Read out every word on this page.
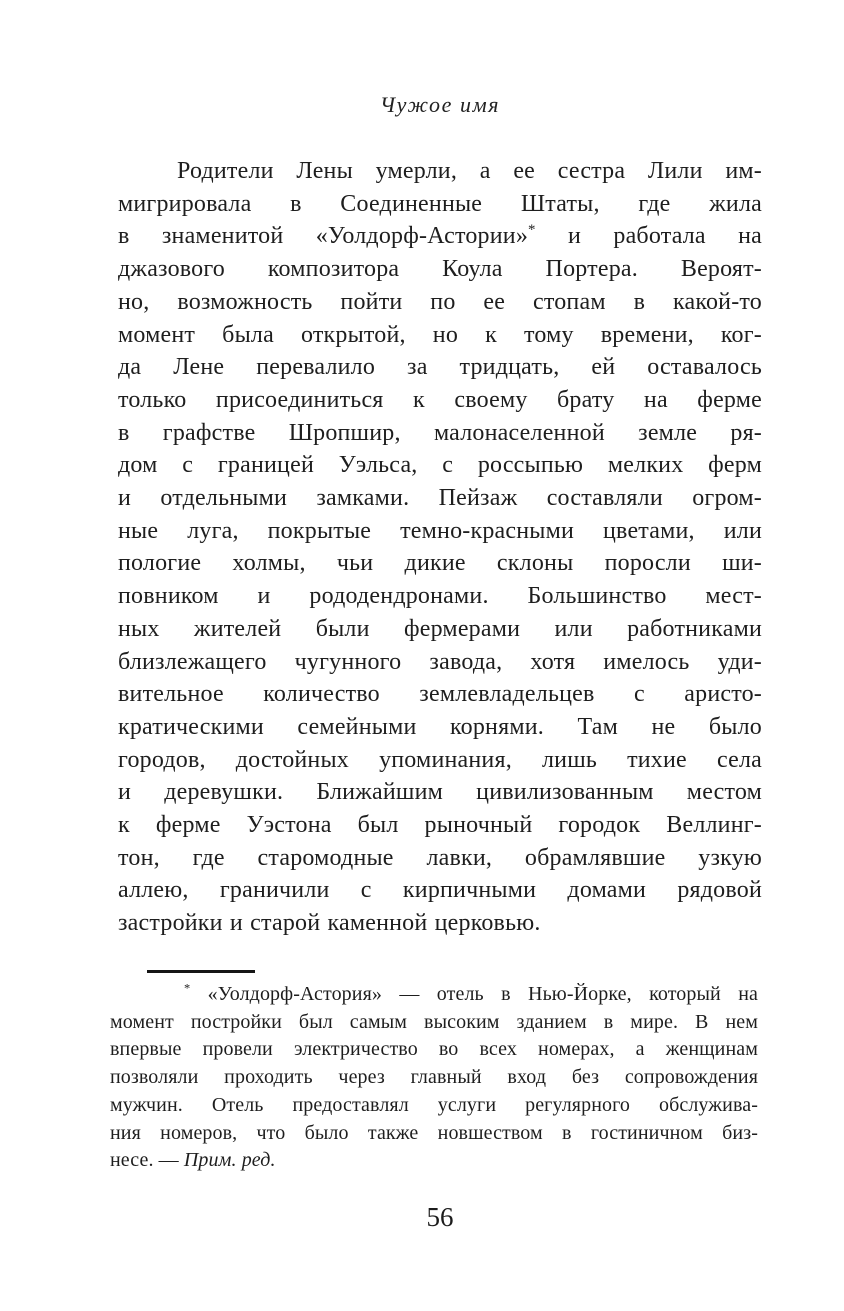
Чужое имя
Родители Лены умерли, а ее сестра Лили им-
мигрировала в Соединенные Штаты, где жила
в знаменитой «Уолдорф-Астории»* и работала на
джазового композитора Коула Портера. Вероят-
но, возможность пойти по ее стопам в какой-то
момент была открытой, но к тому времени, ког-
да Лене перевалило за тридцать, ей оставалось
только присоединиться к своему брату на ферме
в графстве Шропшир, малонаселенной земле ря-
дом с границей Уэльса, с россыпью мелких ферм
и отдельными замками. Пейзаж составляли огром-
ные луга, покрытые темно-красными цветами, или
пологие холмы, чьи дикие склоны поросли ши-
повником и рододендронами. Большинство мест-
ных жителей были фермерами или работниками
близлежащего чугунного завода, хотя имелось уди-
вительное количество землевладельцев с аристо-
кратическими семейными корнями. Там не было
городов, достойных упоминания, лишь тихие села
и деревушки. Ближайшим цивилизованным местом
к ферме Уэстона был рыночный городок Веллинг-
тон, где старомодные лавки, обрамлявшие узкую
аллею, граничили с кирпичными домами рядовой
застройки и старой каменной церковью.
* «Уолдорф-Астория» — отель в Нью-Йорке, который на
момент постройки был самым высоким зданием в мире. В нем
впервые провели электричество во всех номерах, а женщинам
позволяли проходить через главный вход без сопровождения
мужчин. Отель предоставлял услуги регулярного обслужива-
ния номеров, что было также новшеством в гостиничном биз-
несе. — Прим. ред.
56
